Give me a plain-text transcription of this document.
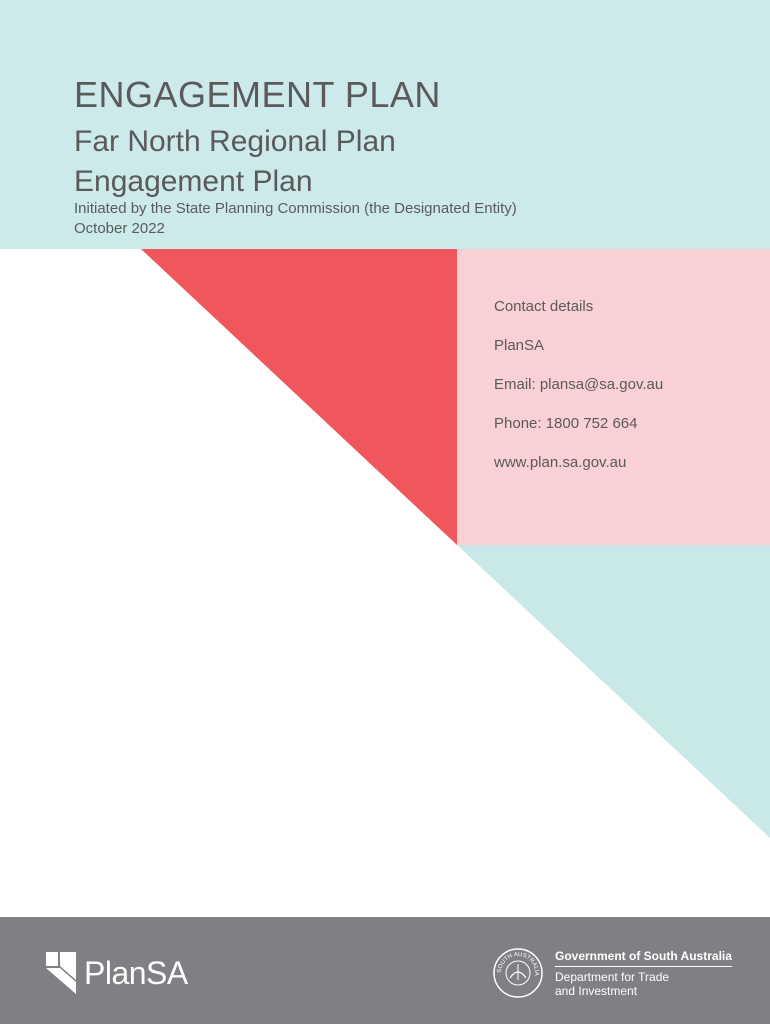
ENGAGEMENT PLAN
Far North Regional Plan
Engagement Plan
Initiated by the State Planning Commission (the Designated Entity)
October 2022
Contact details
PlanSA
Email: plansa@sa.gov.au
Phone: 1800 752 664
www.plan.sa.gov.au
PlanSA	SOUTH AUSTRALIA
Government of South Australia
Department for Trade
and Investment
